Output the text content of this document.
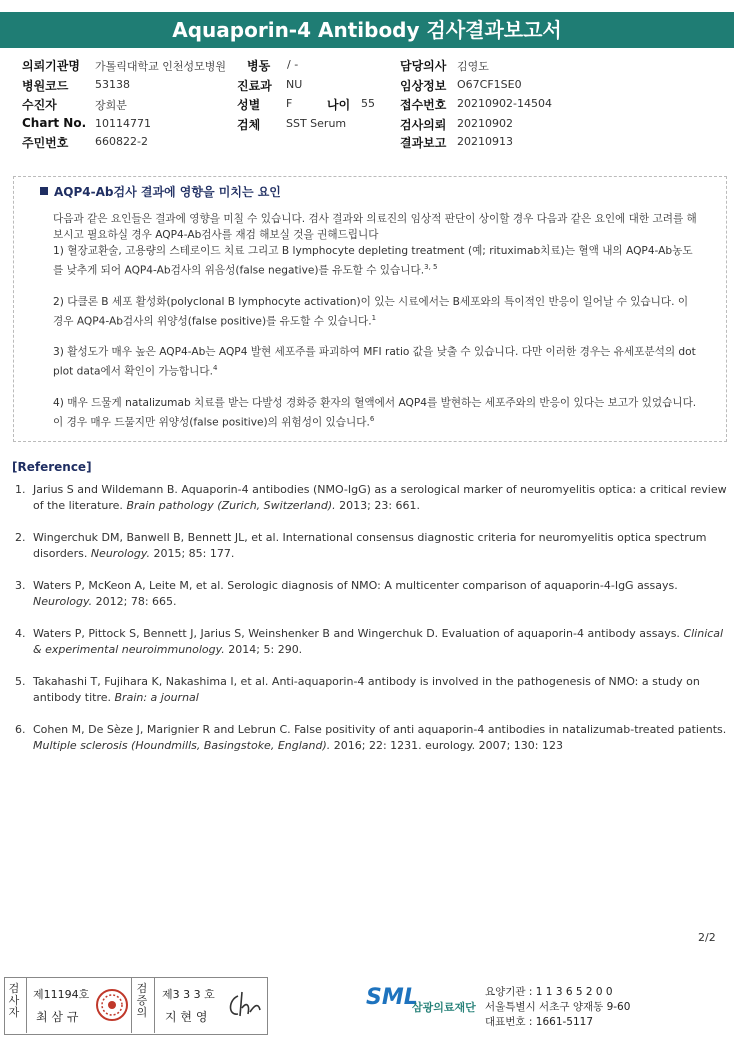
Aquaporin-4 Antibody 검사결과보고서
의뢰기관명 가톨릭대학교 인천성모병원
병원코드 53138
수진자	장희분
Chart No. 10114771
주민번호 660822-2
병동 / -
진료과 NU
성별 F	나이 55
검체 SST Serum
담당의사 김영도
임상정보 O67CF1SE0
접수번호 20210902-14504
검사의뢰 20210902
결과보고 20210913
AQP4-Ab검사 결과에 영향을 미치는 요인

다음과 같은 요인들은 결과에 영향을 미칠 수 있습니다. 검사 결과와 의료진의 임상적 판단이 상이할 경우 다음과 같은 요인에 대한 고려를 해 보시고 필요하실 경우 AQP4-Ab검사를 재검 해보실 것을 권해드립니다

1) 혈장교환술, 고용량의 스테로이드 치료 그리고 B lymphocyte depleting treatment (예; rituximab치료)는 혈액 내의 AQP4-Ab농도를 낮추게 되어 AQP4-Ab검사의 위음성(false negative)를 유도할 수 있습니다.$^{3, 5}$

2) 다클론 B 세포 활성화(polyclonal B lymphocyte activation)이 있는 시료에서는 B세포와의 특이적인 반응이 일어날 수 있습니다. 이 경우 AQP4-Ab검사의 위양성(false positive)를 유도할 수 있습니다.$^1$

3) 활성도가 매우 높은 AQP4-Ab는 AQP4 발현 세포주를 파괴하여 MFI ratio 값을 낮출 수 있습니다. 다만 이러한 경우는 유세포분석의 dot plot data에서 확인이 가능합니다.$^4$

4) 매우 드물게 natalizumab 치료를 받는 다발성 경화증 환자의 혈액에서 AQP4를 발현하는 세포주와의 반응이 있다는 보고가 있었습니다. 이 경우 매우 드물지만 위양성(false positive)의 위험성이 있습니다.$^6$

[Reference]
1. Jarius S and Wildemann B. Aquaporin-4 antibodies (NMO-IgG) as a serological marker of neuromyelitis optica: a critical review of the literature. Brain pathology (Zurich, Switzerland). 2013; 23: 661.
2. Wingerchuk DM, Banwell B, Bennett JL, et al. International consensus diagnostic criteria for neuromyelitis optica spectrum disorders. Neurology. 2015; 85: 177.
3. Waters P, McKeon A, Leite M, et al. Serologic diagnosis of NMO: A multicenter comparison of aquaporin-4-IgG assays. Neurology. 2012; 78: 665.
4. Waters P, Pittock S, Bennett J, Jarius S, Weinshenker B and Wingerchuk D. Evaluation of aquaporin-4 antibody assays. Clinical & experimental neuroimmunology. 2014; 5: 290.
5. Takahashi T, Fujihara K, Nakashima I, et al. Anti-aquaporin-4 antibody is involved in the pathogenesis of NMO: a study on antibody titre. Brain: a journal
6. Cohen M, De Sèze J, Marignier R and Lebrun C. False positivity of anti aquaporin-4 antibodies in natalizumab-treated patients. Multiple sclerosis (Houndmills, Basingstoke, England). 2016; 22: 1231. eurology. 2007; 130: 123
2/2
검사자
제11194호
최 삼 규
검증의
제3 3 3 호
지 현 영
SML
삼광의료재단
요양기관 : 1 1 3 6 5 2 0 0
서울특별시 서초구 양재동 9-60
대표번호 : 1661-5117
